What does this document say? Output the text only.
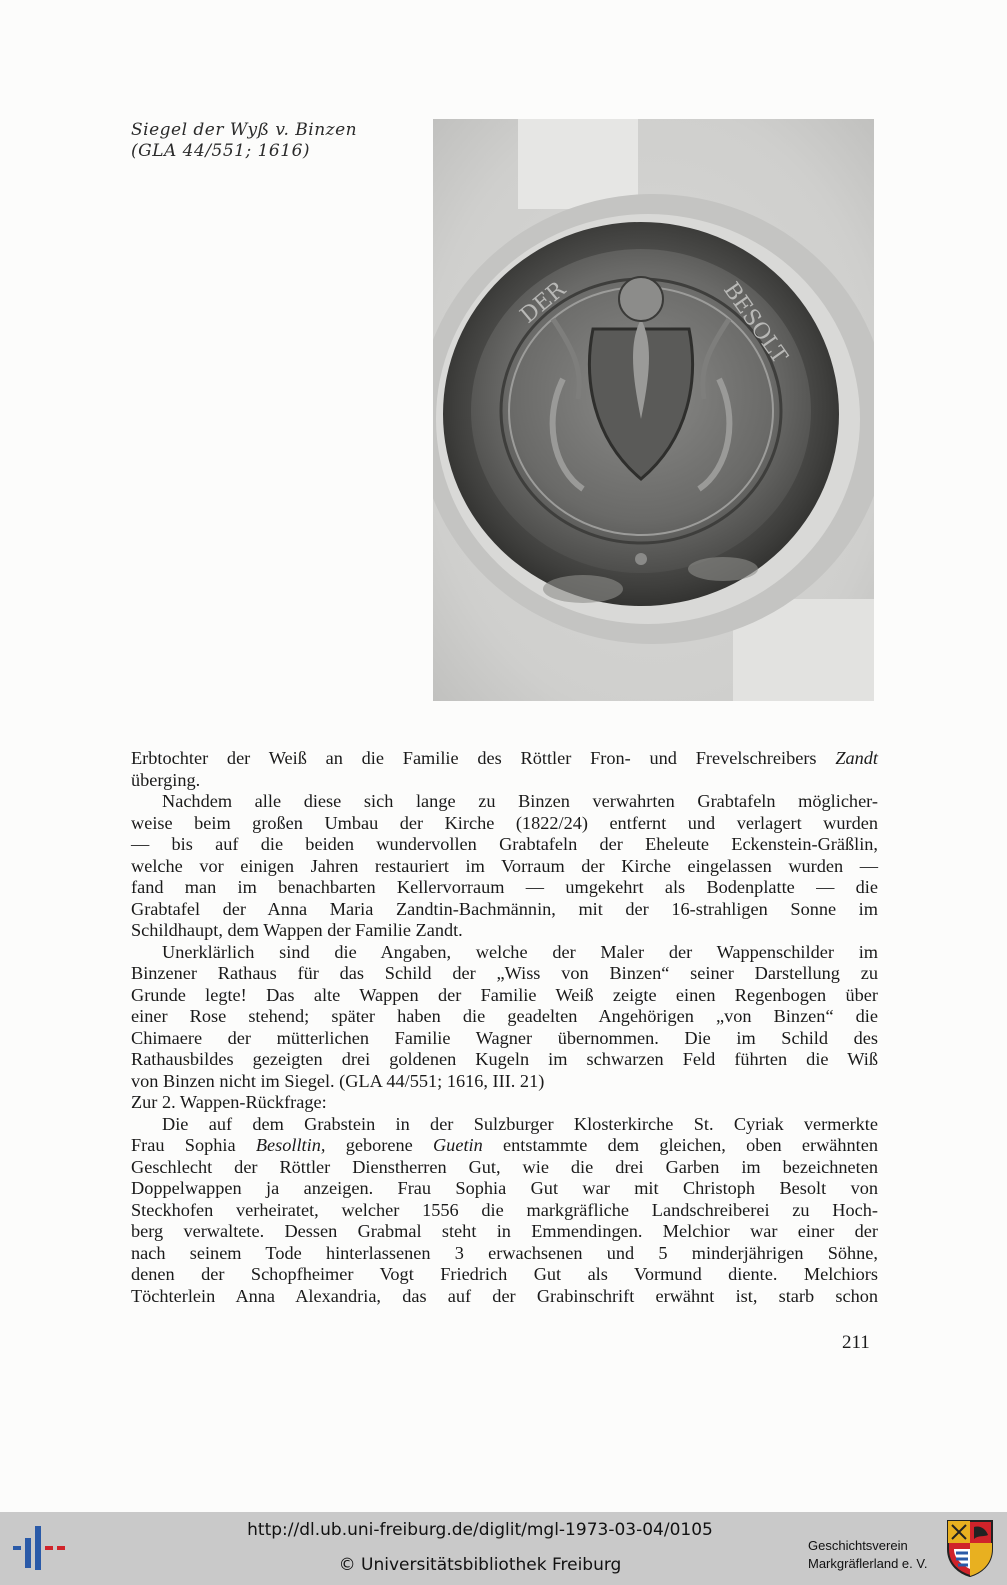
Siegel der Wyß v. Binzen
(GLA 44/551; 1616)
DER	BESOLT

Erbtochter der Weiß an die Familie des Röttler Fron- und Frevelschreibers Zandt

überging.

Nachdem alle diese sich lange zu Binzen verwahrten Grabtafeln möglicher-

weise beim großen Umbau der Kirche (1822/24) entfernt und verlagert wurden

— bis auf die beiden wundervollen Grabtafeln der Eheleute Eckenstein-Gräßlin,

welche vor einigen Jahren restauriert im Vorraum der Kirche eingelassen wurden —

fand man im benachbarten Kellervorraum — umgekehrt als Bodenplatte — die

Grabtafel der Anna Maria Zandtin-Bachmännin, mit der 16-strahligen Sonne im

Schildhaupt, dem Wappen der Familie Zandt.

Unerklärlich sind die Angaben, welche der Maler der Wappenschilder im

Binzener Rathaus für das Schild der „Wiss von Binzen“ seiner Darstellung zu

Grunde legte! Das alte Wappen der Familie Weiß zeigte einen Regenbogen über

einer Rose stehend; später haben die geadelten Angehörigen „von Binzen“ die

Chimaere der mütterlichen Familie Wagner übernommen. Die im Schild des

Rathausbildes gezeigten drei goldenen Kugeln im schwarzen Feld führten die Wiß

von Binzen nicht im Siegel. (GLA 44/551; 1616, III. 21)

Zur 2. Wappen-Rückfrage:

Die auf dem Grabstein in der Sulzburger Klosterkirche St. Cyriak vermerkte

Frau Sophia Besolltin, geborene Guetin entstammte dem gleichen, oben erwähnten

Geschlecht der Röttler Dienstherren Gut, wie die drei Garben im bezeichneten

Doppelwappen ja anzeigen. Frau Sophia Gut war mit Christoph Besolt von

Steckhofen verheiratet, welcher 1556 die markgräfliche Landschreiberei zu Hoch-

berg verwaltete. Dessen Grabmal steht in Emmendingen. Melchior war einer der

nach seinem Tode hinterlassenen 3 erwachsenen und 5 minderjährigen Söhne,

denen der Schopfheimer Vogt Friedrich Gut als Vormund diente. Melchiors

Töchterlein Anna Alexandria, das auf der Grabinschrift erwähnt ist, starb schon

211
http://dl.ub.uni-freiburg.de/diglit/mgl-1973-03-04/0105
© Universitätsbibliothek Freiburg
Geschichtsverein
Markgräflerland e. V.
